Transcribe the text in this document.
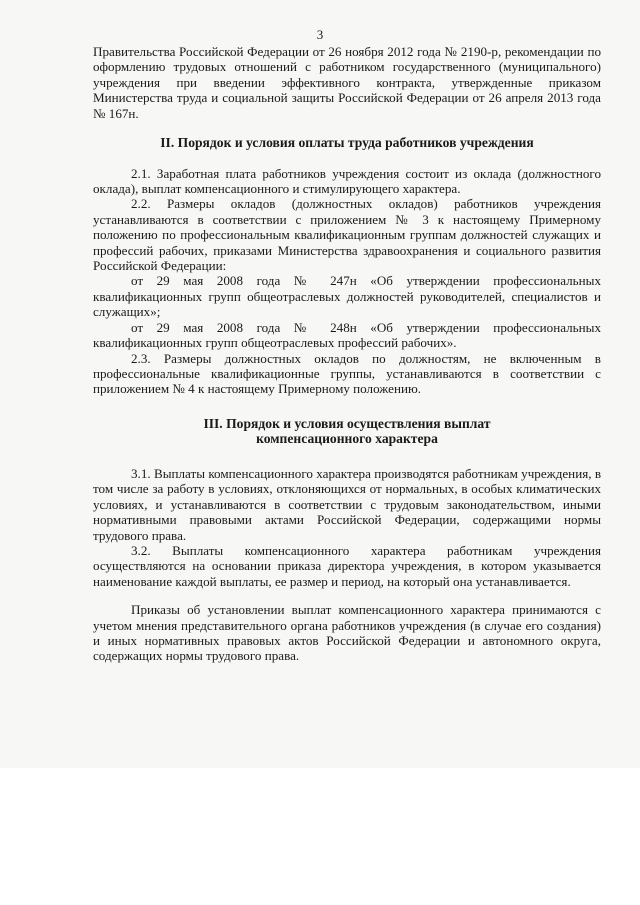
3

Правительства Российской Федерации от 26 ноября 2012 года № 2190-р, рекомендации по оформлению трудовых отношений с работником государственного (муниципального) учреждения при введении эффективного контракта, утвержденные приказом Министерства труда и социальной защиты Российской Федерации от 26 апреля 2013 года № 167н.

II. Порядок и условия оплаты труда работников учреждения

2.1. Заработная плата работников учреждения состоит из оклада (должностного оклада), выплат компенсационного и стимулирующего характера.

2.2. Размеры окладов (должностных окладов) работников учреждения устанавливаются в соответствии с приложением № 3 к настоящему Примерному положению по профессиональным квалификационным группам должностей служащих и профессий рабочих, приказами Министерства здравоохранения и социального развития Российской Федерации:

от 29 мая 2008 года № 247н «Об утверждении профессиональных квалификационных групп общеотраслевых должностей руководителей, специалистов и служащих»;

от 29 мая 2008 года № 248н «Об утверждении профессиональных квалификационных групп общеотраслевых профессий рабочих».

2.3. Размеры должностных окладов по должностям, не включенным в профессиональные квалификационные группы, устанавливаются в соответствии с приложением № 4 к настоящему Примерному положению.

III. Порядок и условия осуществления выплат
компенсационного характера

3.1. Выплаты компенсационного характера производятся работникам учреждения, в том числе за работу в условиях, отклоняющихся от нормальных, в особых климатических условиях, и устанавливаются в соответствии с трудовым законодательством, иными нормативными правовыми актами Российской Федерации, содержащими нормы трудового права.

3.2. Выплаты компенсационного характера работникам учреждения осуществляются на основании приказа директора учреждения, в котором указывается наименование каждой выплаты, ее размер и период, на который она устанавливается.

Приказы об установлении выплат компенсационного характера принимаются с учетом мнения представительного органа работников учреждения (в случае его создания) и иных нормативных правовых актов Российской Федерации и автономного округа, содержащих нормы трудового права.
